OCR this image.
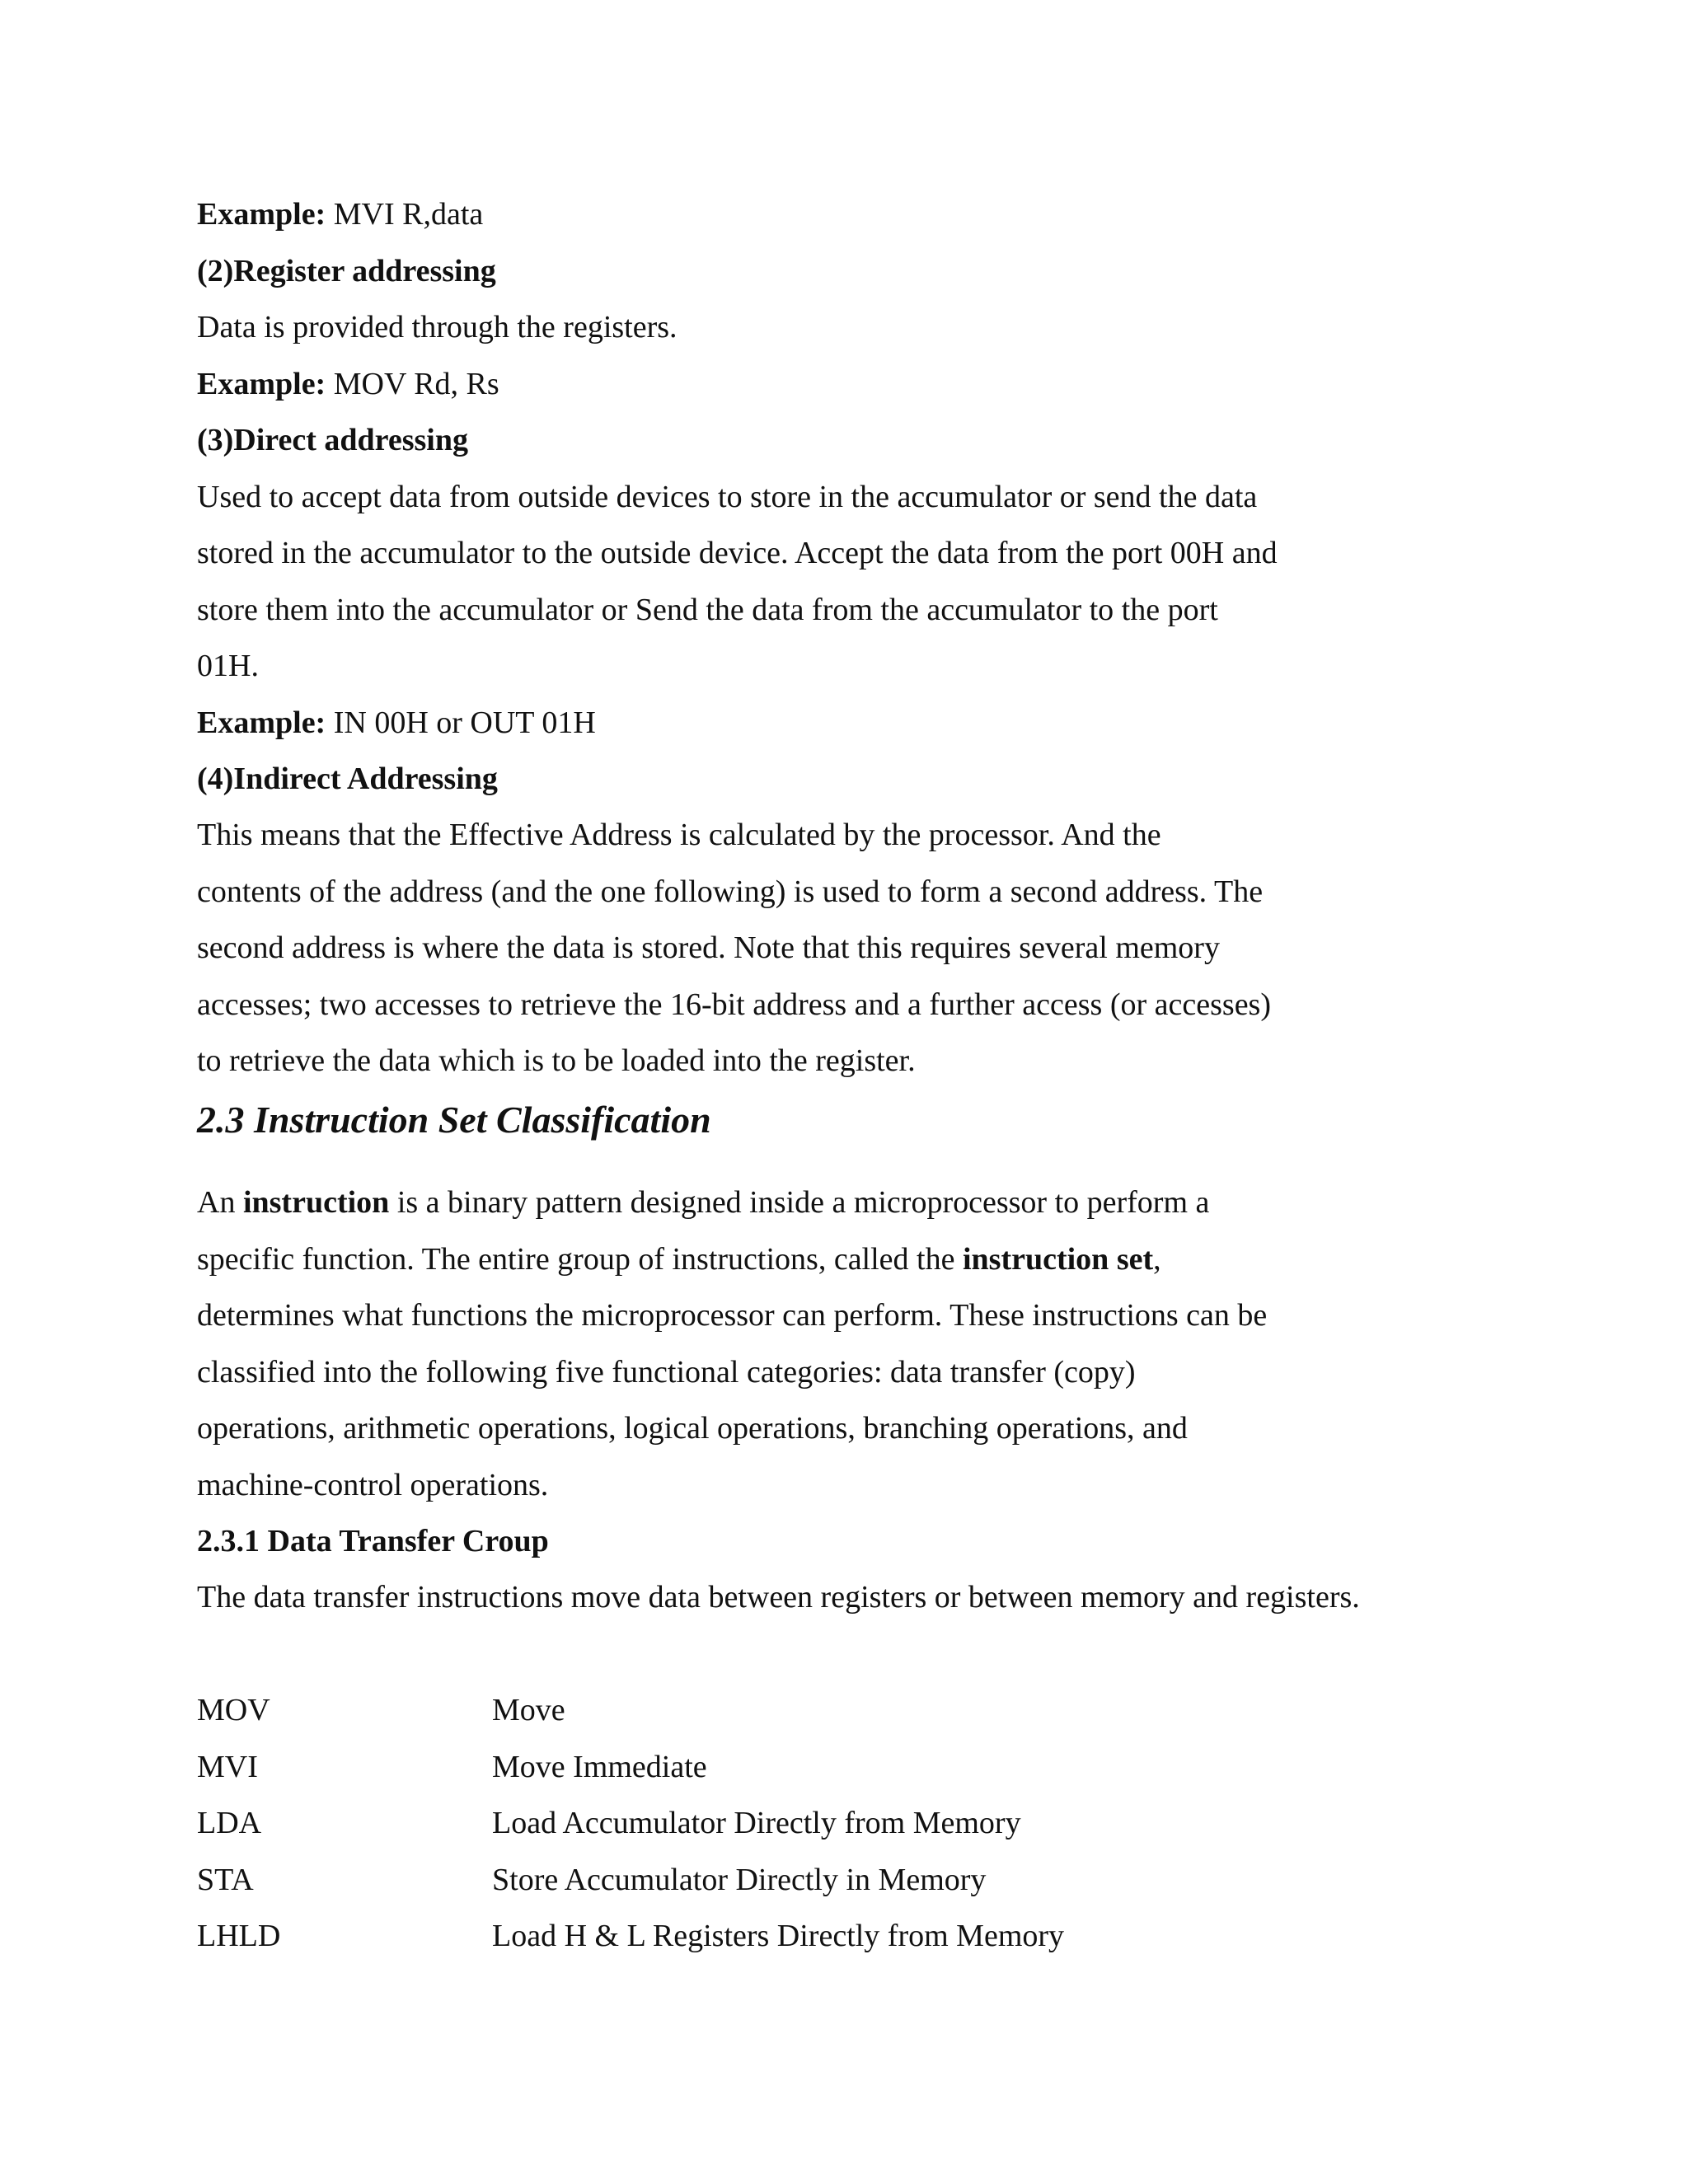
Example: MVI R,data
(2)Register addressing
Data is provided through the registers.
Example: MOV Rd, Rs
(3)Direct addressing
Used to accept data from outside devices to store in the accumulator or send the data
stored in the accumulator to the outside device. Accept the data from the port 00H and
store them into the accumulator or Send the data from the accumulator to the port
01H.
Example: IN 00H or OUT 01H
(4)Indirect Addressing
This means that the Effective Address is calculated by the processor. And the
contents of the address (and the one following) is used to form a second address. The
second address is where the data is stored. Note that this requires several memory
accesses; two accesses to retrieve the 16-bit address and a further access (or accesses)
to retrieve the data which is to be loaded into the register.
2.3 Instruction Set Classification
An instruction is a binary pattern designed inside a microprocessor to perform a
specific function. The entire group of instructions, called the instruction set,
determines what functions the microprocessor can perform. These instructions can be
classified into the following five functional categories: data transfer (copy)
operations, arithmetic operations, logical operations, branching operations, and
machine-control operations.
2.3.1 Data Transfer Croup
The data transfer instructions move data between registers or between memory and registers.
MOV	Move
MVI	Move Immediate
LDA	Load Accumulator Directly from Memory
STA	Store Accumulator Directly in Memory
LHLD	Load H & L Registers Directly from Memory
